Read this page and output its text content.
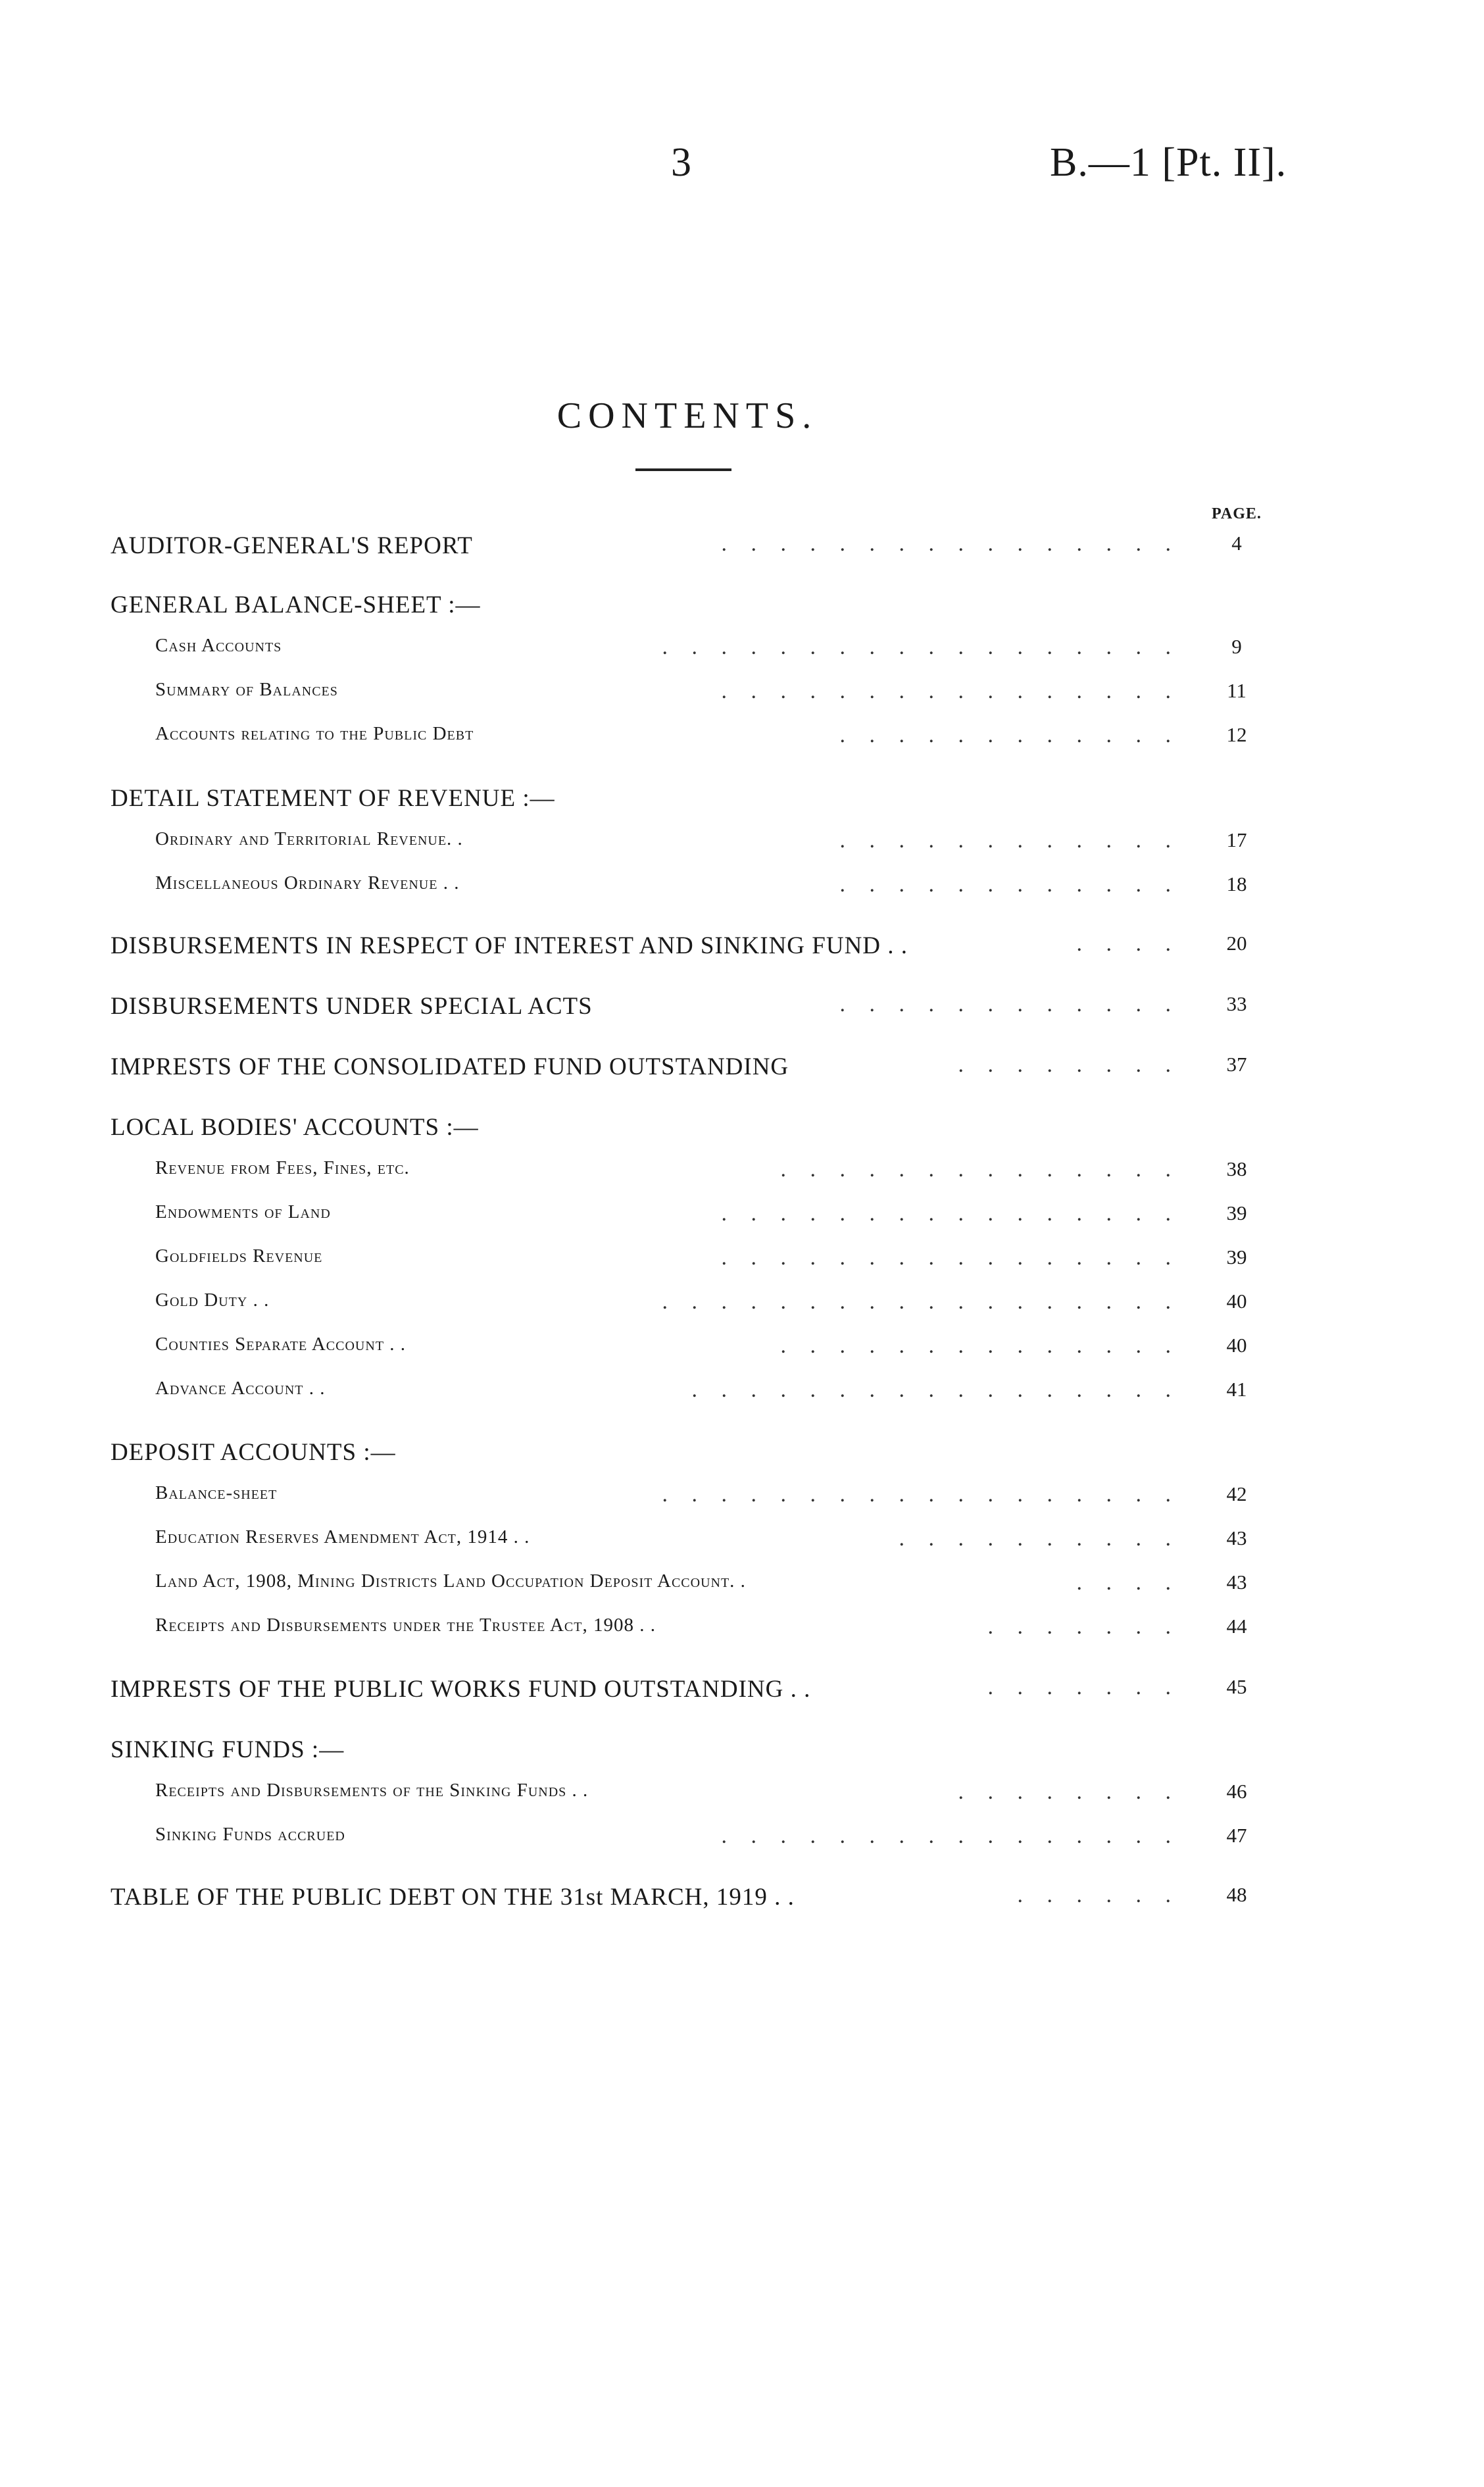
3	B.—1 [Pt. II].
CONTENTS.
PAGE.
AUDITOR-GENERAL'S REPORT	. . . . . . . . . . . . . . . .	4
GENERAL BALANCE-SHEET :—
Cash Accounts	. . . . . . . . . . . . . . . . . .	9
Summary of Balances	. . . . . . . . . . . . . . . .	11
Accounts relating to the Public Debt	. . . . . . . . . . . .	12
DETAIL STATEMENT OF REVENUE :—
Ordinary and Territorial Revenue. .	. . . . . . . . . . . .	17
Miscellaneous Ordinary Revenue . .	. . . . . . . . . . . .	18
DISBURSEMENTS IN RESPECT OF INTEREST AND SINKING FUND . .	. . . .	20
DISBURSEMENTS UNDER SPECIAL ACTS	. . . . . . . . . . . .	33
IMPRESTS OF THE CONSOLIDATED FUND OUTSTANDING	. . . . . . . .	37
LOCAL BODIES' ACCOUNTS :—
Revenue from Fees, Fines, etc.	. . . . . . . . . . . . . .	38
Endowments of Land	. . . . . . . . . . . . . . . .	39
Goldfields Revenue	. . . . . . . . . . . . . . . .	39
Gold Duty . .	. . . . . . . . . . . . . . . . . .	40
Counties Separate Account . .	. . . . . . . . . . . . . .	40
Advance Account . .	. . . . . . . . . . . . . . . . .	41
DEPOSIT ACCOUNTS :—
Balance-sheet	. . . . . . . . . . . . . . . . . .	42
Education Reserves Amendment Act, 1914 . .	. . . . . . . . . .	43
Land Act, 1908, Mining Districts Land Occupation Deposit Account. .	. . . .	43
Receipts and Disbursements under the Trustee Act, 1908 . .	. . . . . . .	44
IMPRESTS OF THE PUBLIC WORKS FUND OUTSTANDING . .	. . . . . . .	45
SINKING FUNDS :—
Receipts and Disbursements of the Sinking Funds . .	. . . . . . . .	46
Sinking Funds accrued	. . . . . . . . . . . . . . . .	47
TABLE OF THE PUBLIC DEBT ON THE 31st MARCH, 1919 . .	. . . . . .	48
